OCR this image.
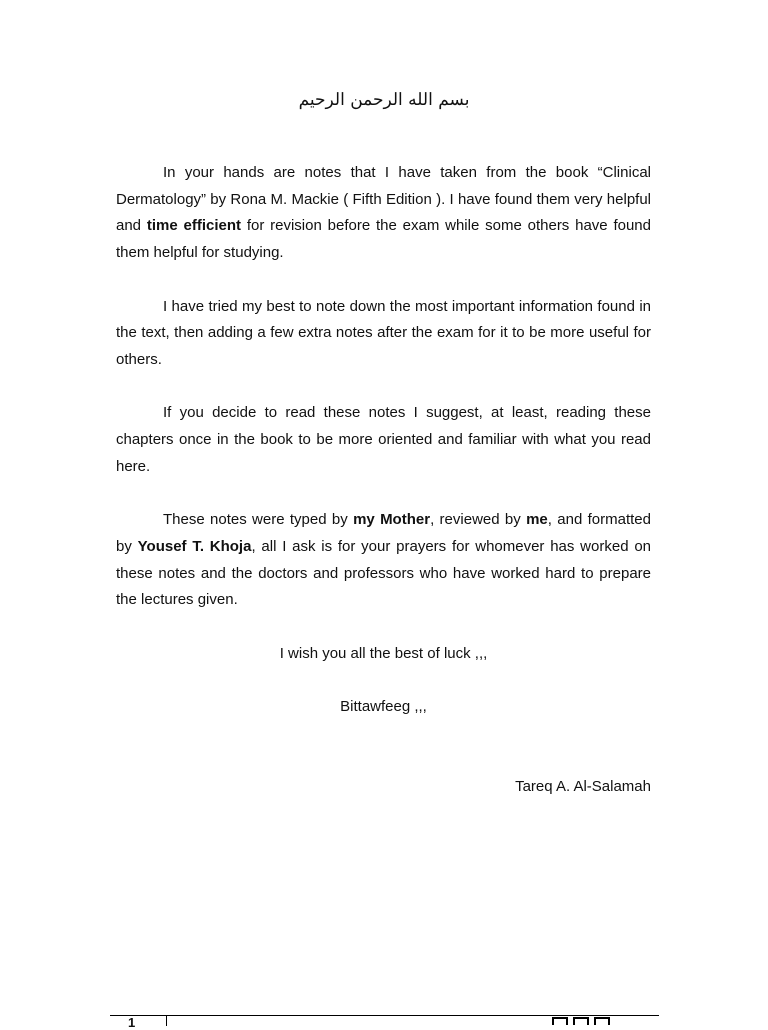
بسم الله الرحمن الرحيم

In your hands are notes that I have taken from the book “Clinical Dermatology” by Rona M. Mackie ( Fifth Edition ). I have found them very helpful and time efficient for revision before the exam while some others have found them helpful for studying.

I have tried my best to note down the most important information found in the text, then adding a few extra notes after the exam for it to be more useful for others.

If you decide to read these notes I suggest, at least, reading these chapters once in the book to be more oriented and familiar with what you read here.

These notes were typed by my Mother, reviewed by me, and formatted by Yousef T. Khoja, all I ask is for your prayers for whomever has worked on these notes and the doctors and professors who have worked hard to prepare the lectures given.

I wish you all the best of luck ,,,

Bittawfeeg ,,,

Tareq A. Al-Salamah

1
